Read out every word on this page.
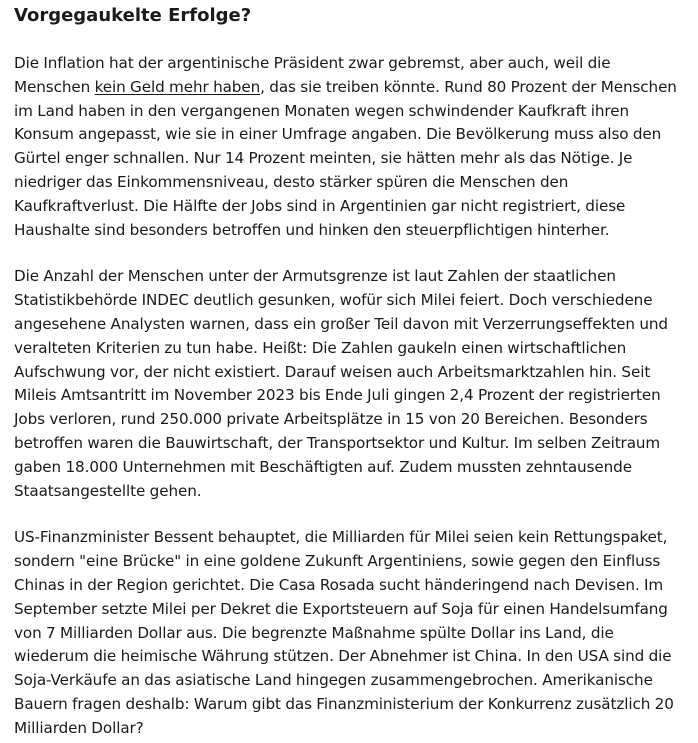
Vorgegaukelte Erfolge?

Die Inflation hat der argentinische Präsident zwar gebremst, aber auch, weil die Menschen kein Geld mehr haben, das sie treiben könnte. Rund 80 Prozent der Menschen im Land haben in den vergangenen Monaten wegen schwindender Kaufkraft ihren Konsum angepasst, wie sie in einer Umfrage angaben. Die Bevölkerung muss also den Gürtel enger schnallen. Nur 14 Prozent meinten, sie hätten mehr als das Nötige. Je niedriger das Einkommensniveau, desto stärker spüren die Menschen den Kaufkraftverlust. Die Hälfte der Jobs sind in Argentinien gar nicht registriert, diese Haushalte sind besonders betroffen und hinken den steuerpflichtigen hinterher.

Die Anzahl der Menschen unter der Armutsgrenze ist laut Zahlen der staatlichen Statistikbehörde INDEC deutlich gesunken, wofür sich Milei feiert. Doch verschiedene angesehene Analysten warnen, dass ein großer Teil davon mit Verzerrungseffekten und veralteten Kriterien zu tun habe. Heißt: Die Zahlen gaukeln einen wirtschaftlichen Aufschwung vor, der nicht existiert. Darauf weisen auch Arbeitsmarktzahlen hin. Seit Mileis Amtsantritt im November 2023 bis Ende Juli gingen 2,4 Prozent der registrierten Jobs verloren, rund 250.000 private Arbeitsplätze in 15 von 20 Bereichen. Besonders betroffen waren die Bauwirtschaft, der Transportsektor und Kultur. Im selben Zeitraum gaben 18.000 Unternehmen mit Beschäftigten auf. Zudem mussten zehntausende Staatsangestellte gehen.

US-Finanzminister Bessent behauptet, die Milliarden für Milei seien kein Rettungspaket, sondern "eine Brücke" in eine goldene Zukunft Argentiniens, sowie gegen den Einfluss Chinas in der Region gerichtet. Die Casa Rosada sucht händeringend nach Devisen. Im September setzte Milei per Dekret die Exportsteuern auf Soja für einen Handelsumfang von 7 Milliarden Dollar aus. Die begrenzte Maßnahme spülte Dollar ins Land, die wiederum die heimische Währung stützen. Der Abnehmer ist China. In den USA sind die Soja-Verkäufe an das asiatische Land hingegen zusammengebrochen. Amerikanische Bauern fragen deshalb: Warum gibt das Finanzministerium der Konkurrenz zusätzlich 20 Milliarden Dollar?
